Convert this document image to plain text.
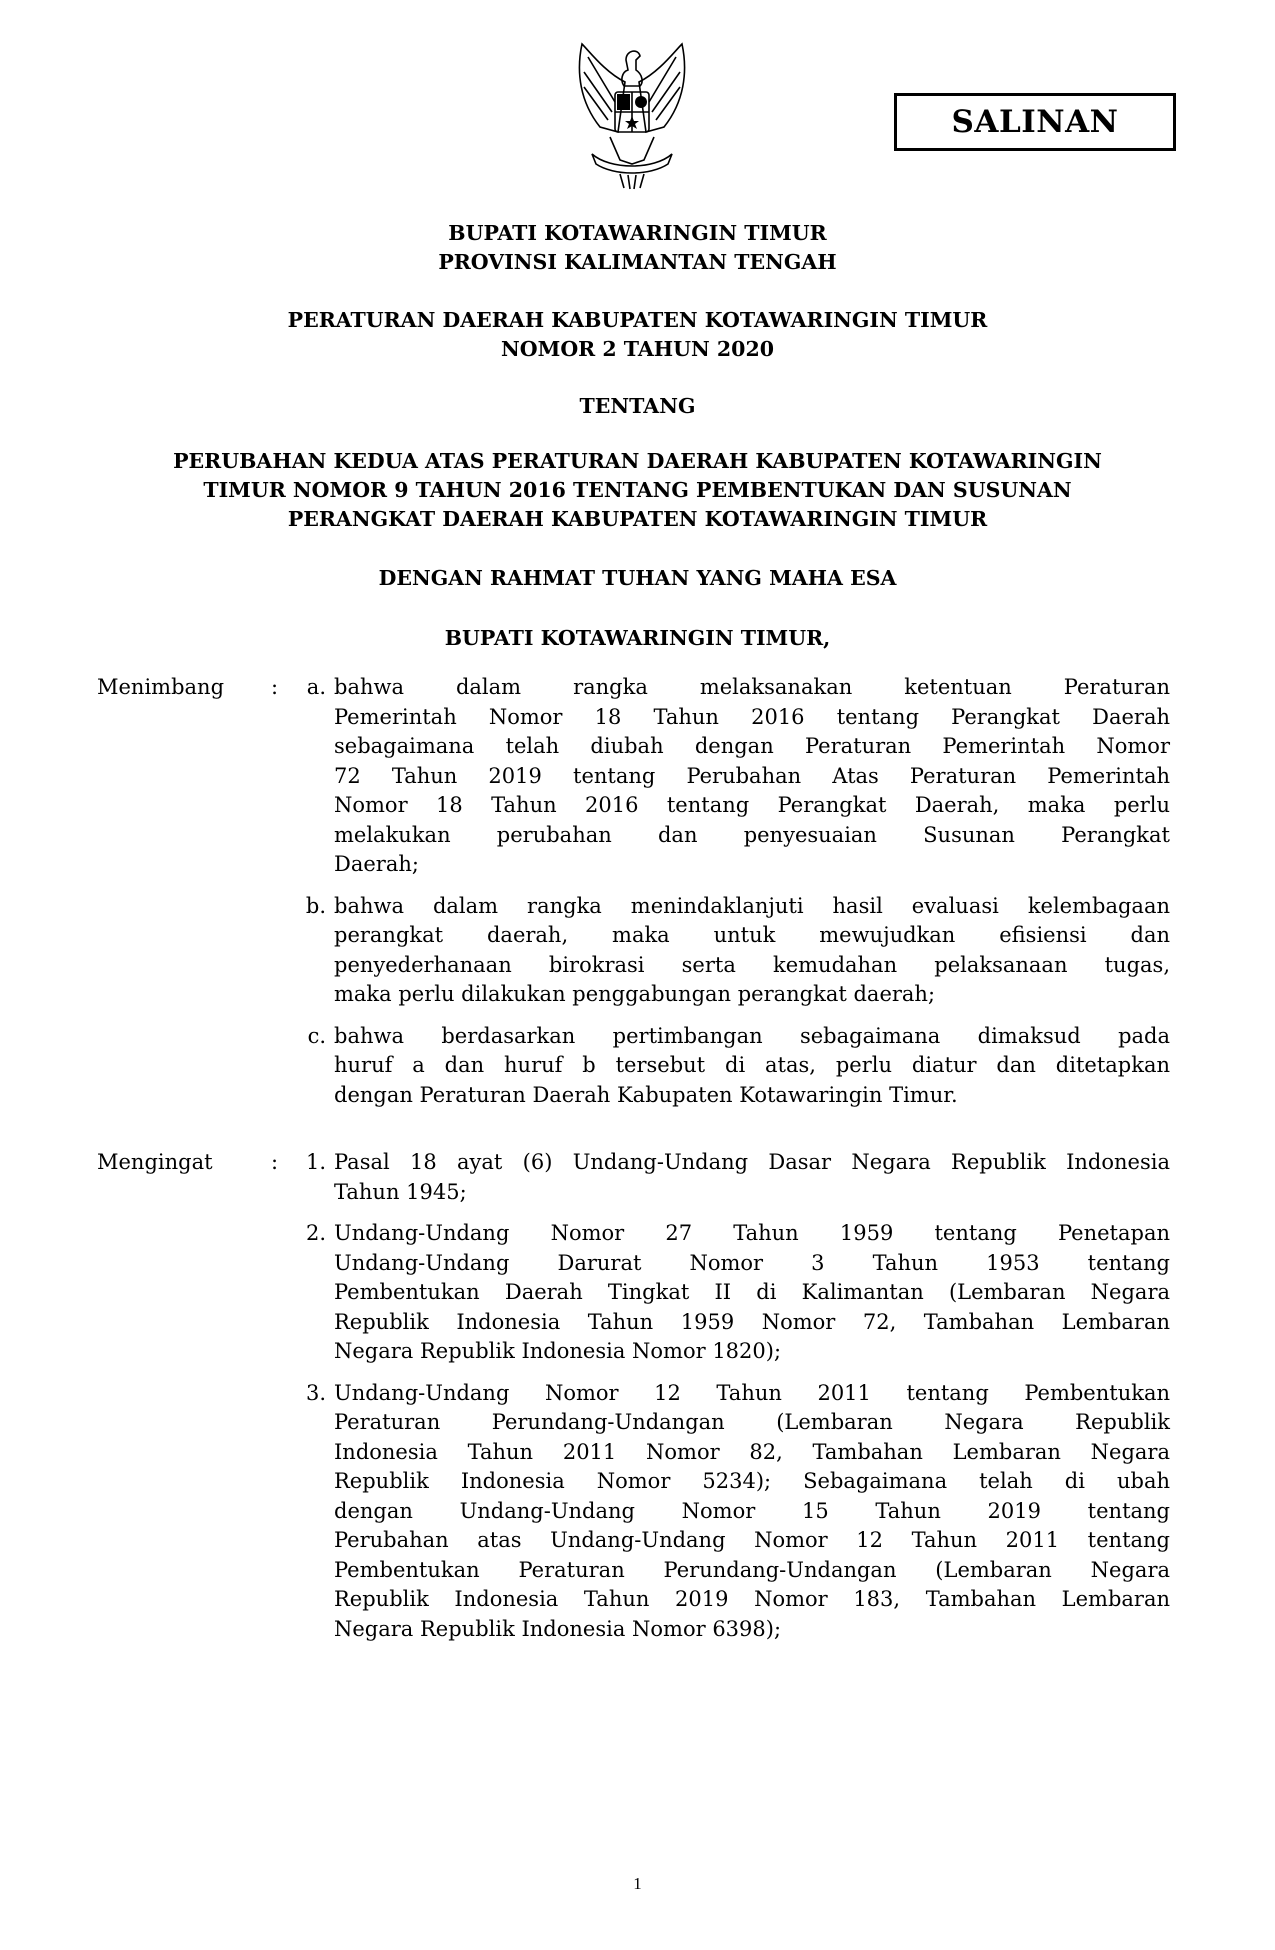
SALINAN
BUPATI KOTAWARINGIN TIMUR
PROVINSI KALIMANTAN TENGAH
PERATURAN DAERAH KABUPATEN KOTAWARINGIN TIMUR
NOMOR 2 TAHUN 2020
TENTANG
PERUBAHAN KEDUA ATAS PERATURAN DAERAH KABUPATEN KOTAWARINGIN
TIMUR NOMOR 9 TAHUN 2016 TENTANG PEMBENTUKAN DAN SUSUNAN
PERANGKAT DAERAH KABUPATEN KOTAWARINGIN TIMUR
DENGAN RAHMAT TUHAN YANG MAHA ESA
BUPATI KOTAWARINGIN TIMUR,
Menimbang	:	a. bahwa dalam rangka melaksanakan ketentuan Peraturan
Pemerintah Nomor 18 Tahun 2016 tentang Perangkat Daerah
sebagaimana telah diubah dengan Peraturan Pemerintah Nomor
72 Tahun 2019 tentang Perubahan Atas Peraturan Pemerintah
Nomor 18 Tahun 2016 tentang Perangkat Daerah, maka perlu
melakukan perubahan dan penyesuaian Susunan Perangkat
Daerah;
b. bahwa dalam rangka menindaklanjuti hasil evaluasi kelembagaan
perangkat daerah, maka untuk mewujudkan efisiensi dan
penyederhanaan birokrasi serta kemudahan pelaksanaan tugas,
maka perlu dilakukan penggabungan perangkat daerah;
c. bahwa berdasarkan pertimbangan sebagaimana dimaksud pada
huruf a dan huruf b tersebut di atas, perlu diatur dan ditetapkan
dengan Peraturan Daerah Kabupaten Kotawaringin Timur.
Mengingat	:	1. Pasal 18 ayat (6) Undang-Undang Dasar Negara Republik Indonesia
Tahun 1945;
2. Undang-Undang Nomor 27 Tahun 1959 tentang Penetapan
Undang-Undang Darurat Nomor 3 Tahun 1953 tentang
Pembentukan Daerah Tingkat II di Kalimantan (Lembaran Negara
Republik Indonesia Tahun 1959 Nomor 72, Tambahan Lembaran
Negara Republik Indonesia Nomor 1820);
3. Undang-Undang Nomor 12 Tahun 2011 tentang Pembentukan
Peraturan Perundang-Undangan (Lembaran Negara Republik
Indonesia Tahun 2011 Nomor 82, Tambahan Lembaran Negara
Republik Indonesia Nomor 5234); Sebagaimana telah di ubah
dengan Undang-Undang Nomor 15 Tahun 2019 tentang
Perubahan atas Undang-Undang Nomor 12 Tahun 2011 tentang
Pembentukan Peraturan Perundang-Undangan (Lembaran Negara
Republik Indonesia Tahun 2019 Nomor 183, Tambahan Lembaran
Negara Republik Indonesia Nomor 6398);
1
